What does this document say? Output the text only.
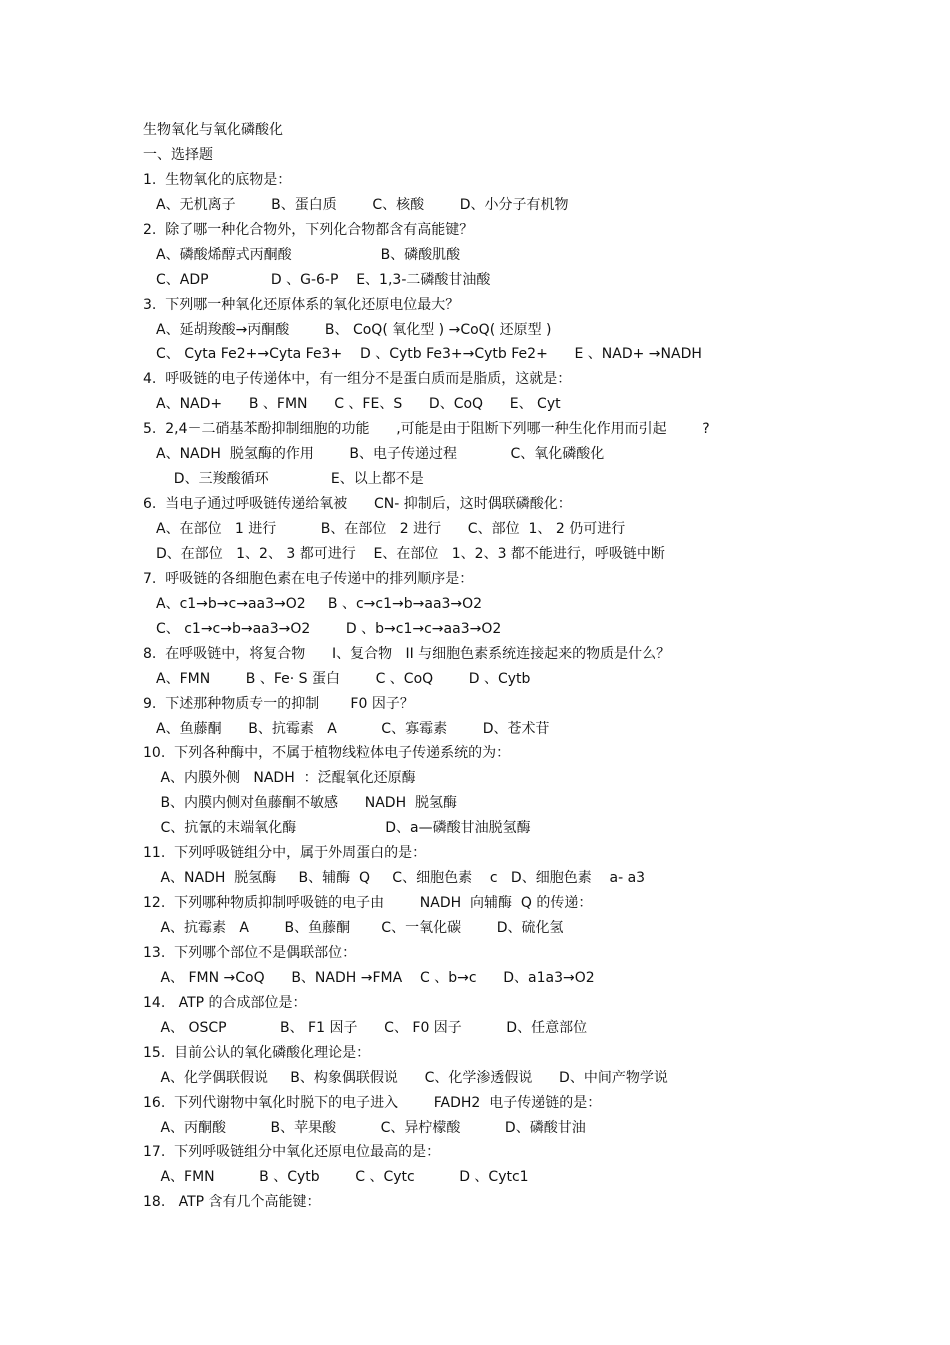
生物氧化与氧化磷酸化
一、选择题
1.  生物氧化的底物是：
A、无机离子        B、蛋白质        C、核酸        D、小分子有机物
2.  除了哪一种化合物外，下列化合物都含有高能键？
A、磷酸烯醇式丙酮酸                    B、磷酸肌酸
C、ADP              D 、G-6-P    E、1,3-二磷酸甘油酸
3.  下列哪一种氧化还原体系的氧化还原电位最大？
A、延胡羧酸→丙酮酸        B、 CoQ( 氧化型 ) →CoQ( 还原型 )
C、 Cyta Fe2+→Cyta Fe3+    D 、Cytb Fe3+→Cytb Fe2+      E 、NAD+ →NADH
4.  呼吸链的电子传递体中，有一组分不是蛋白质而是脂质，这就是：
A、NAD+      B 、FMN      C 、FE、S      D、CoQ      E、 Cyt
5.  2,4－二硝基苯酚抑制细胞的功能      ,可能是由于阻断下列哪一种生化作用而引起        ?
A、NADH  脱氢酶的作用        B、电子传递过程            C、氧化磷酸化
D、三羧酸循环              E、以上都不是
6.  当电子通过呼吸链传递给氧被      CN- 抑制后，这时偶联磷酸化：
A、在部位   1 进行          B、在部位   2 进行      C、部位  1、 2 仍可进行
D、在部位   1、2、 3 都可进行    E、在部位   1、2、3 都不能进行，呼吸链中断
7.  呼吸链的各细胞色素在电子传递中的排列顺序是：
A、c1→b→c→aa3→O2     B 、c→c1→b→aa3→O2
C、 c1→c→b→aa3→O2        D 、b→c1→c→aa3→O2
8.  在呼吸链中，将复合物      I、复合物   II 与细胞色素系统连接起来的物质是什么？
A、FMN        B 、Fe· S 蛋白        C 、CoQ        D 、Cytb
9.  下述那种物质专一的抑制       F0 因子？
A、鱼藤酮      B、抗霉素   A          C、寡霉素        D、苍术苷
10.  下列各种酶中，不属于植物线粒体电子传递系统的为：
A、内膜外侧   NADH  ：泛醌氧化还原酶
B、内膜内侧对鱼藤酮不敏感      NADH  脱氢酶
C、抗氰的末端氧化酶                    D、a—磷酸甘油脱氢酶
11.  下列呼吸链组分中，属于外周蛋白的是：
A、NADH  脱氢酶     B、辅酶  Q     C、细胞色素    c   D、细胞色素    a- a3
12.  下列哪种物质抑制呼吸链的电子由        NADH  向辅酶  Q 的传递：
A、抗霉素   A        B、鱼藤酮       C、一氧化碳        D、硫化氢
13.  下列哪个部位不是偶联部位：
A、 FMN →CoQ      B、NADH →FMA    C 、b→c      D、a1a3→O2
14.   ATP 的合成部位是：
A、 OSCP            B、 F1 因子      C、 F0 因子          D、任意部位
15.  目前公认的氧化磷酸化理论是：
A、化学偶联假说     B、构象偶联假说      C、化学渗透假说      D、中间产物学说
16.  下列代谢物中氧化时脱下的电子进入        FADH2  电子传递链的是：
A、丙酮酸          B、苹果酸          C、异柠檬酸          D、磷酸甘油
17.  下列呼吸链组分中氧化还原电位最高的是：
A、FMN          B 、Cytb        C 、Cytc          D 、Cytc1
18.   ATP 含有几个高能键：
